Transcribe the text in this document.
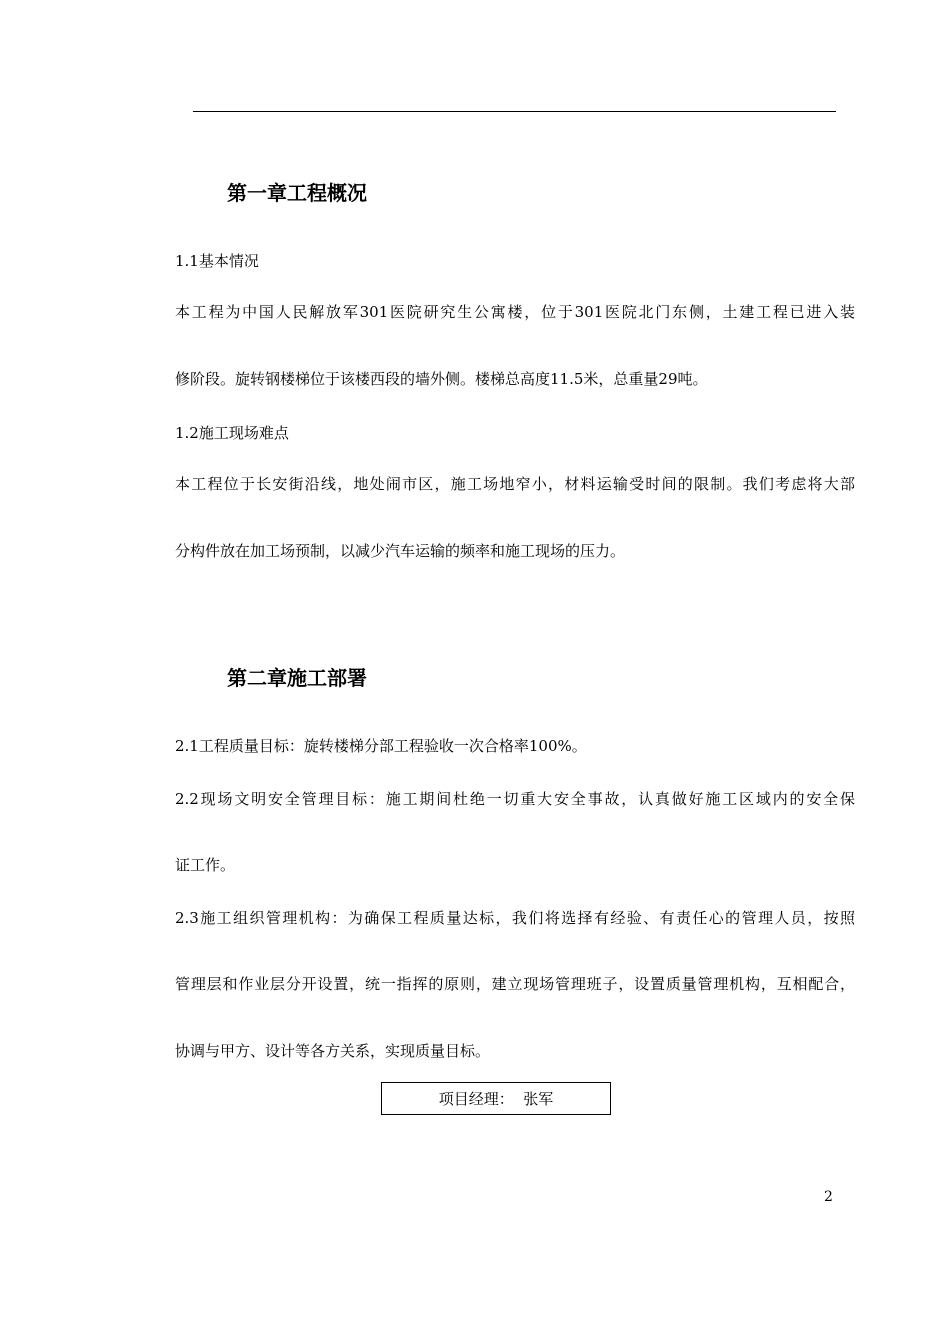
第一章工程概况
1.1基本情况
本工程为中国人民解放军301医院研究生公寓楼，位于301医院北门东侧，土建工程已进入装
修阶段。旋转钢楼梯位于该楼西段的墙外侧。楼梯总高度11.5米，总重量29吨。
1.2施工现场难点
本工程位于长安街沿线，地处闹市区，施工场地窄小，材料运输受时间的限制。我们考虑将大部
分构件放在加工场预制，以减少汽车运输的频率和施工现场的压力。
第二章施工部署
2.1工程质量目标：旋转楼梯分部工程验收一次合格率100%。
2.2现场文明安全管理目标：施工期间杜绝一切重大安全事故，认真做好施工区域内的安全保
证工作。
2.3施工组织管理机构：为确保工程质量达标，我们将选择有经验、有责任心的管理人员，按照
管理层和作业层分开设置，统一指挥的原则，建立现场管理班子，设置质量管理机构，互相配合，
协调与甲方、设计等各方关系，实现质量目标。
项目经理：  张军
2
